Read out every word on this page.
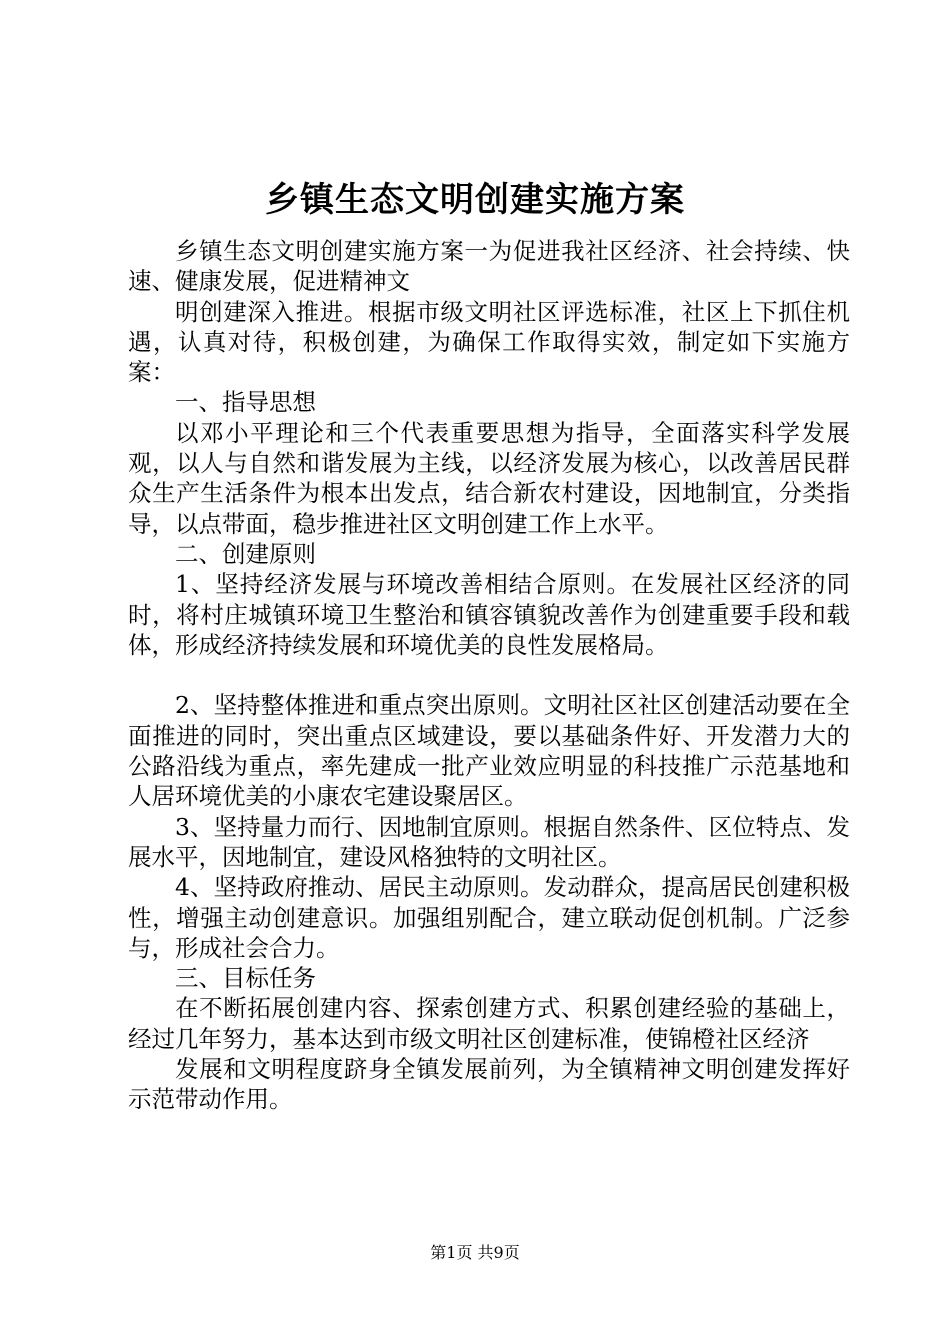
乡镇生态文明创建实施方案

乡镇生态文明创建实施方案一为促进我社区经济、社会持续、快速、健康发展，促进精神文

明创建深入推进。根据市级文明社区评选标准，社区上下抓住机遇，认真对待，积极创建，为确保工作取得实效，制定如下实施方案：

一、指导思想

以邓小平理论和三个代表重要思想为指导，全面落实科学发展观，以人与自然和谐发展为主线，以经济发展为核心，以改善居民群众生产生活条件为根本出发点，结合新农村建设，因地制宜，分类指导，以点带面，稳步推进社区文明创建工作上水平。

二、创建原则

1、坚持经济发展与环境改善相结合原则。在发展社区经济的同时，将村庄城镇环境卫生整治和镇容镇貌改善作为创建重要手段和载体，形成经济持续发展和环境优美的良性发展格局。

2、坚持整体推进和重点突出原则。文明社区社区创建活动要在全面推进的同时，突出重点区域建设，要以基础条件好、开发潜力大的公路沿线为重点，率先建成一批产业效应明显的科技推广示范基地和人居环境优美的小康农宅建设聚居区。

3、坚持量力而行、因地制宜原则。根据自然条件、区位特点、发展水平，因地制宜，建设风格独特的文明社区。

4、坚持政府推动、居民主动原则。发动群众，提高居民创建积极性，增强主动创建意识。加强组别配合，建立联动促创机制。广泛参与，形成社会合力。

三、目标任务

在不断拓展创建内容、探索创建方式、积累创建经验的基础上，经过几年努力，基本达到市级文明社区创建标准，使锦橙社区经济

发展和文明程度跻身全镇发展前列，为全镇精神文明创建发挥好示范带动作用。

第1页 共9页
